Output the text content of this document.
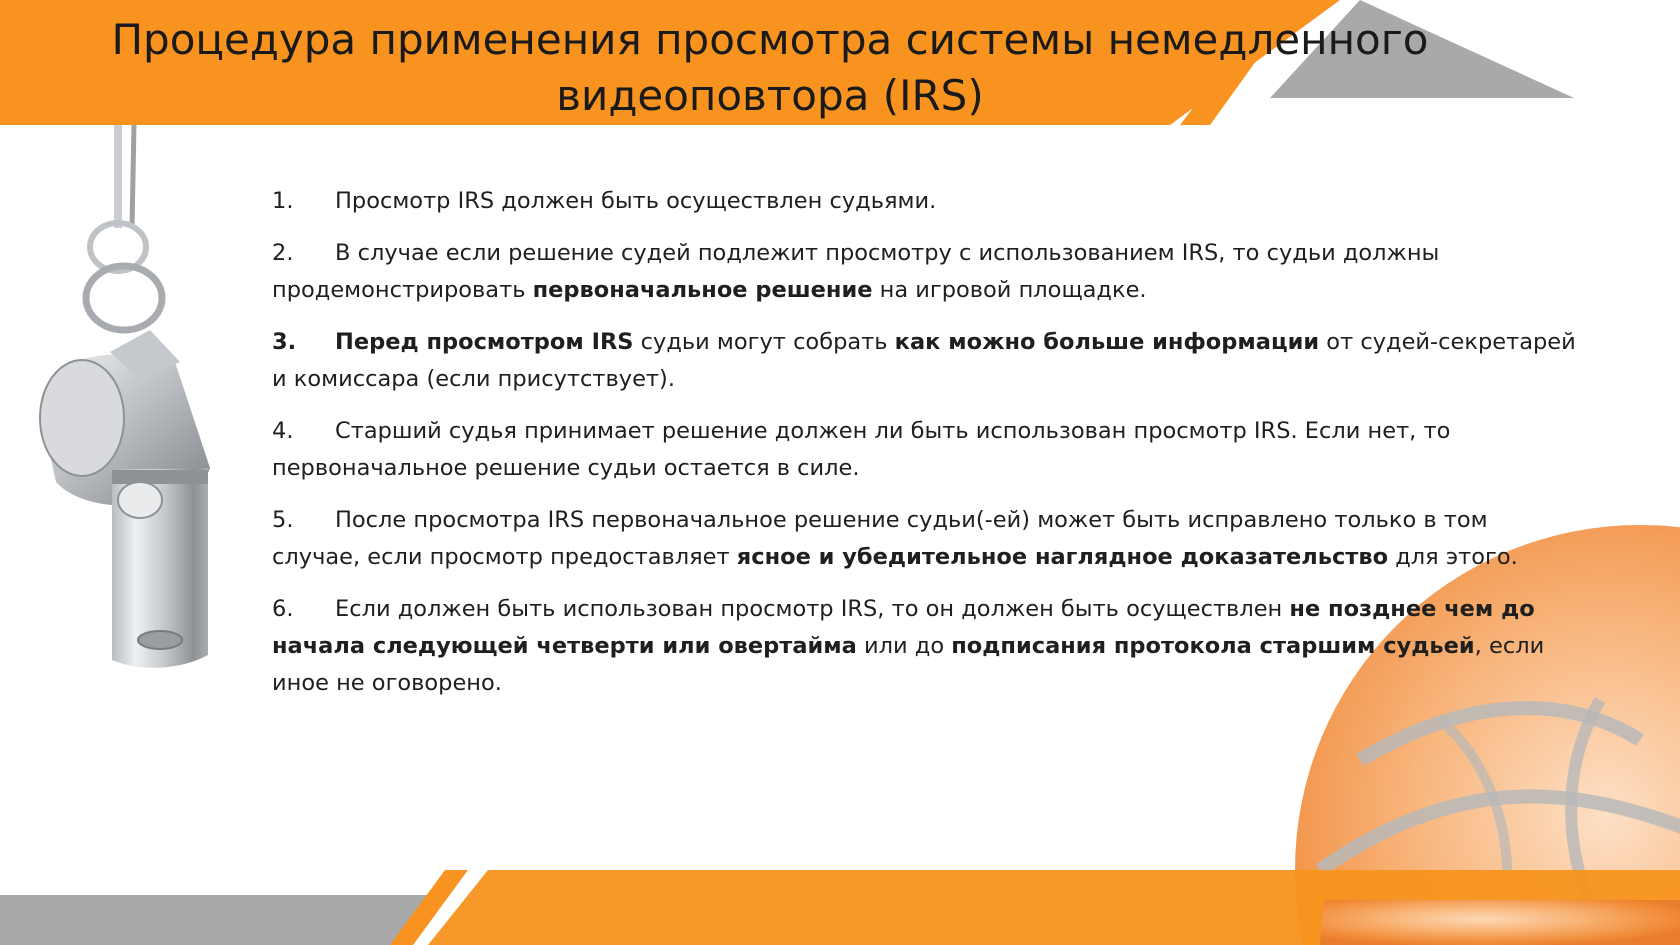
Процедура применения просмотра системы немедленного
видеоповтора (IRS)
1. Просмотр IRS должен быть осуществлен судьями.
2. В случае если решение судей подлежит просмотру с использованием IRS, то судьи должны продемонстрировать первоначальное решение на игровой площадке.
3. Перед просмотром IRS судьи могут собрать как можно больше информации от судей-секретарей и комиссара (если присутствует).
4. Старший судья принимает решение должен ли быть использован просмотр IRS. Если нет, то первоначальное решение судьи остается в силе.
5. После просмотра IRS первоначальное решение судьи(-ей) может быть исправлено только в том случае, если просмотр предоставляет ясное и убедительное наглядное доказательство для этого.
6. Если должен быть использован просмотр IRS, то он должен быть осуществлен не позднее чем до начала следующей четверти или овертайма или до подписания протокола старшим судьей, если иное не оговорено.
